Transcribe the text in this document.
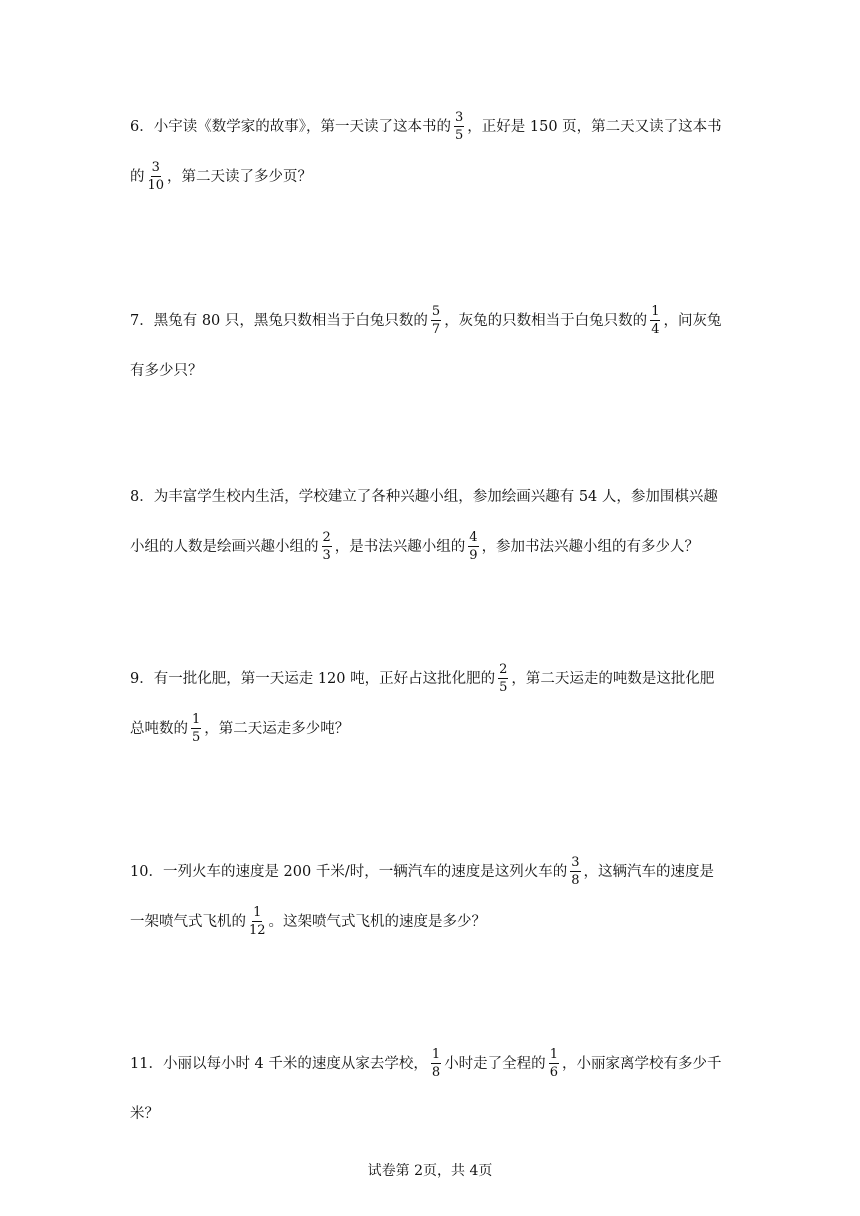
6．小宇读《数学家的故事》，第一天读了这本书的 $\frac{3}{5}$ ，正好是 150 页，第二天又读了这本书
的 $\frac{3}{10}$ ，第二天读了多少页？
7．黑兔有 80 只，黑兔只数相当于白兔只数的 $\frac{5}{7}$ ，灰兔的只数相当于白兔只数的 $\frac{1}{4}$ ，问灰兔
有多少只？
8．为丰富学生校内生活，学校建立了各种兴趣小组，参加绘画兴趣有 54 人，参加围棋兴趣
小组的人数是绘画兴趣小组的 $\frac{2}{3}$ ，是书法兴趣小组的 $\frac{4}{9}$ ，参加书法兴趣小组的有多少人？
9．有一批化肥，第一天运走 120 吨，正好占这批化肥的 $\frac{2}{5}$ ，第二天运走的吨数是这批化肥
总吨数的 $\frac{1}{5}$ ，第二天运走多少吨？
10．一列火车的速度是 200 千米/时，一辆汽车的速度是这列火车的 $\frac{3}{8}$ ，这辆汽车的速度是
一架喷气式飞机的 $\frac{1}{12}$ 。这架喷气式飞机的速度是多少？
11．小丽以每小时 4 千米的速度从家去学校， $\frac{1}{8}$ 小时走了全程的 $\frac{1}{6}$ ，小丽家离学校有多少千
米？
试卷第 2页，共 4页
